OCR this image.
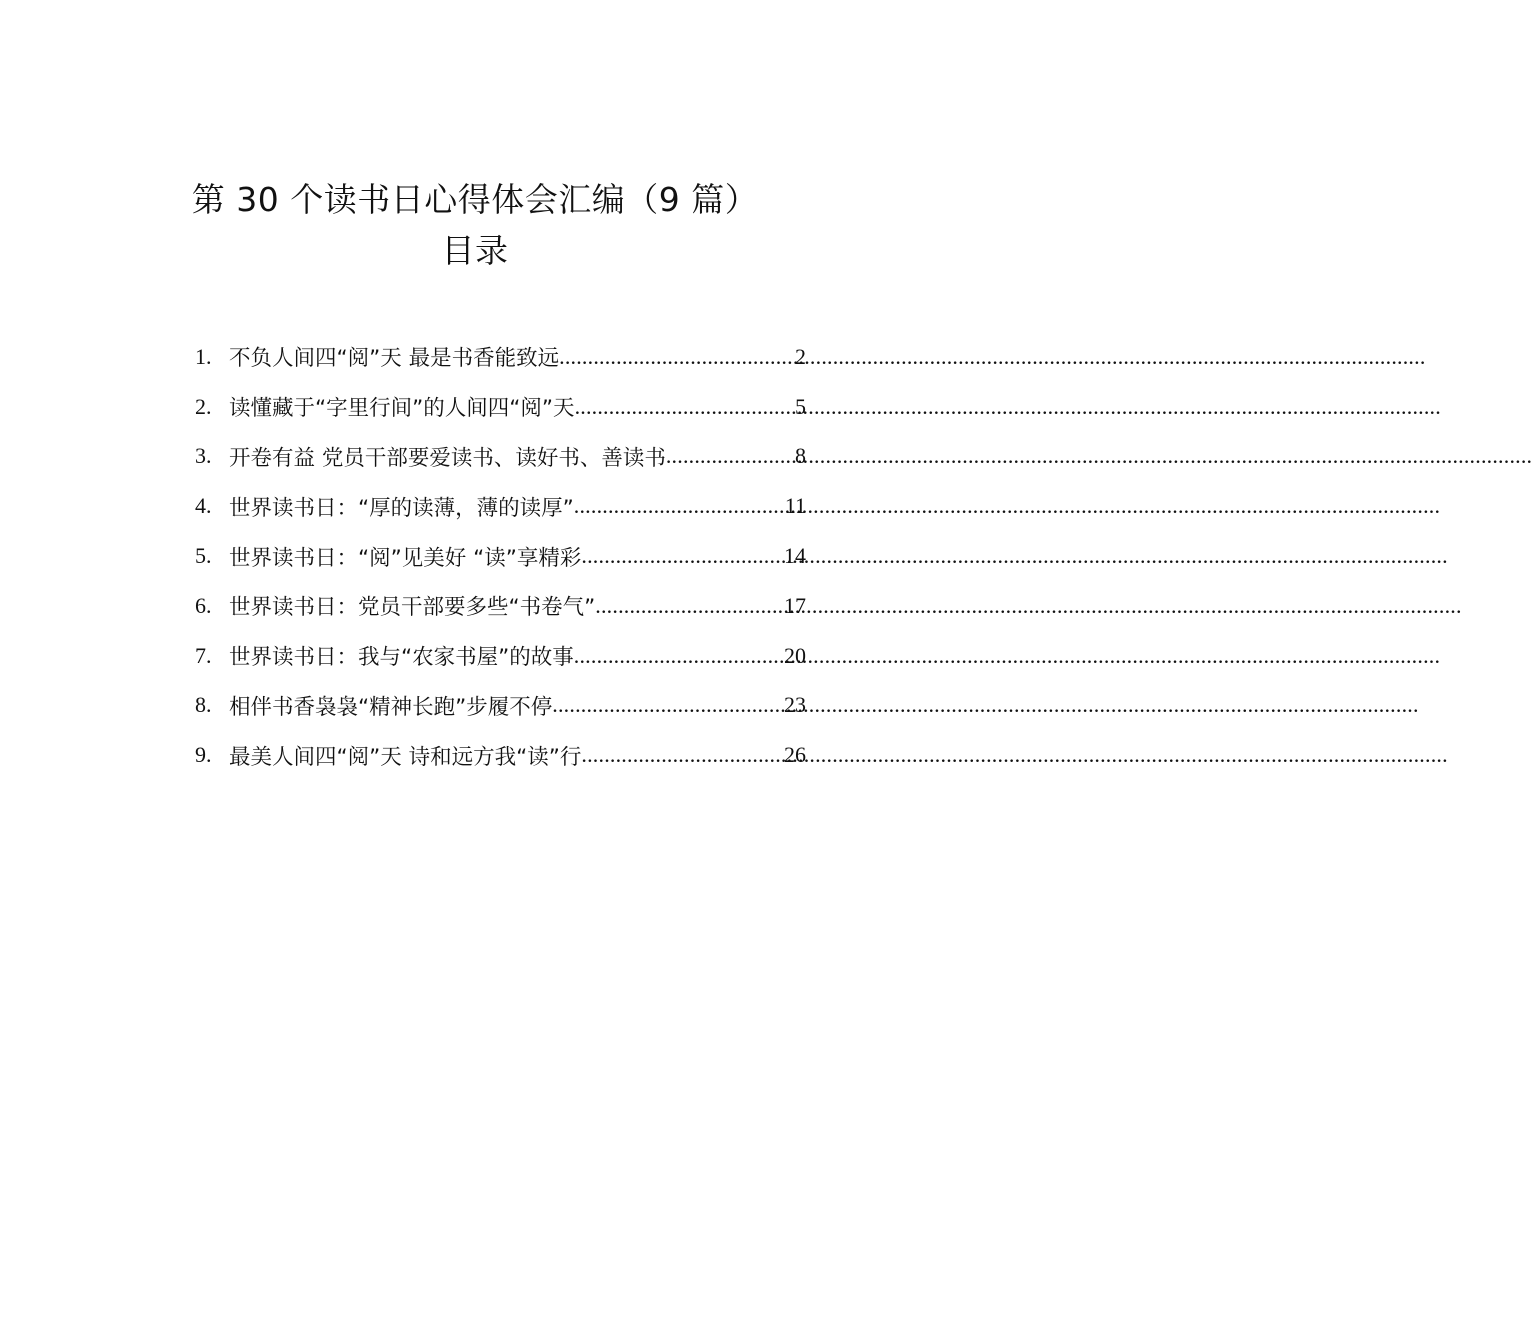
第 30 个读书日心得体会汇编（9 篇）
目录
1. 不负人间四“阅”天 最是书香能致远 .....	2
2. 读懂藏于“字里行间”的人间四“阅”天 .....	5
3. 开卷有益 党员干部要爱读书、读好书、善读书 .....	8
4. 世界读书日：“厚的读薄，薄的读厚” .....	11
5. 世界读书日：“阅”见美好 “读”享精彩 .....	14
6. 世界读书日：党员干部要多些“书卷气” .....	17
7. 世界读书日：我与“农家书屋”的故事 .....	20
8. 相伴书香袅袅“精神长跑”步履不停 .....	23
9. 最美人间四“阅”天 诗和远方我“读”行 .....	26
